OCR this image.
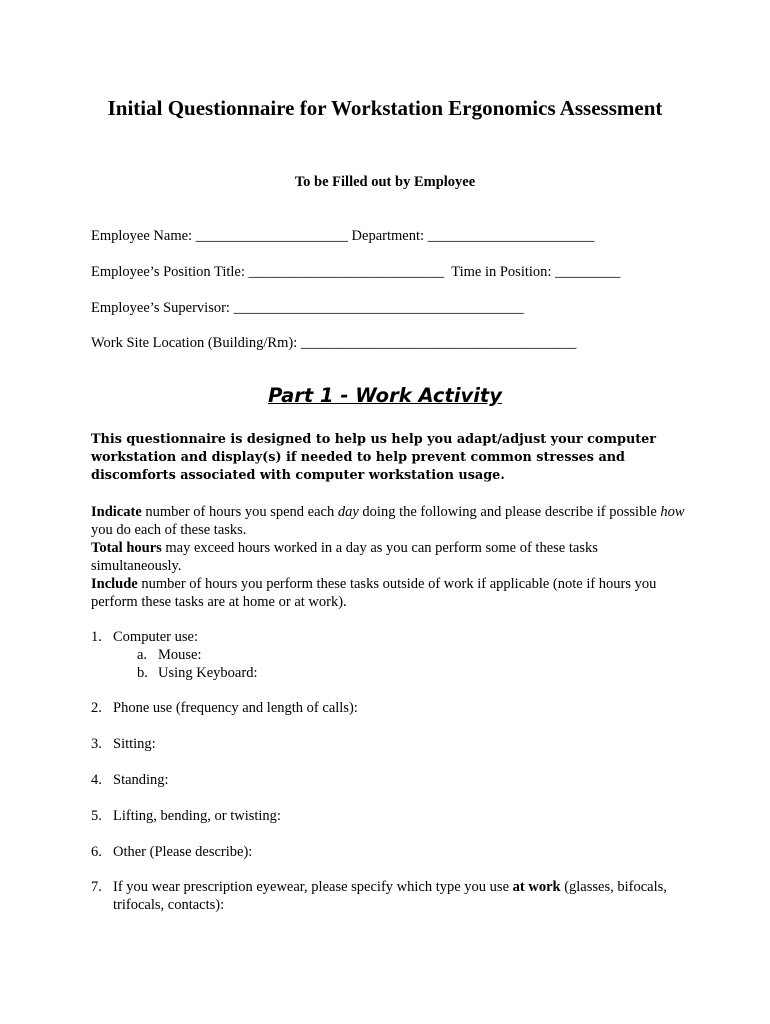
Initial Questionnaire for Workstation Ergonomics Assessment
To be Filled out by Employee
Employee Name: _____________________ Department: _______________________
Employee’s Position Title: ___________________________  Time in Position: _________
Employee’s Supervisor: ________________________________________
Work Site Location (Building/Rm): ______________________________________
Part 1 - Work Activity
This questionnaire is designed to help us help you adapt/adjust your computer workstation and display(s) if needed to help prevent common stresses and discomforts associated with computer workstation usage.

Indicate number of hours you spend each day doing the following and please describe if possible how you do each of these tasks.

Total hours may exceed hours worked in a day as you can perform some of these tasks simultaneously.

Include number of hours you perform these tasks outside of work if applicable (note if hours you perform these tasks are at home or at work).

1. Computer use:
a. Mouse:
b. Using Keyboard:
2. Phone use (frequency and length of calls):
3. Sitting:
4. Standing:
5. Lifting, bending, or twisting:
6. Other (Please describe):
7. If you wear prescription eyewear, please specify which type you use at work (glasses, bifocals, trifocals, contacts):
